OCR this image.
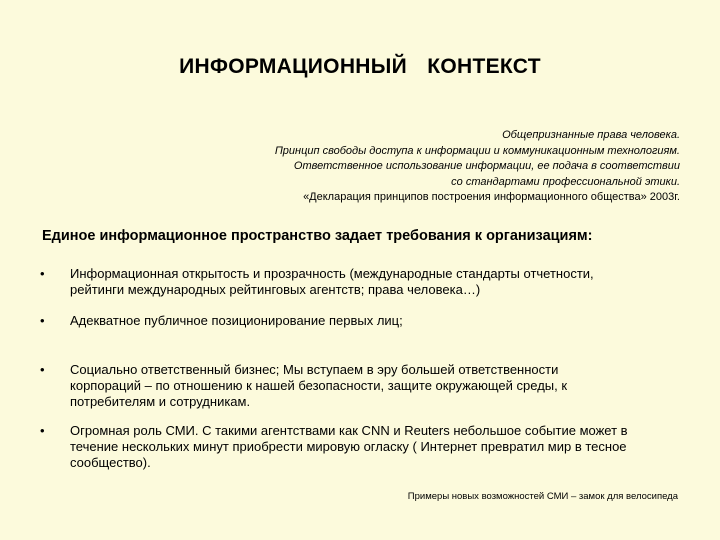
ИНФОРМАЦИОННЫЙ  КОНТЕКСТ
Общепризнанные права человека.
Принцип свободы доступа к информации и коммуникационным технологиям.
Ответственное использование информации, ее подача в соответствии
со стандартами профессиональной этики.
«Декларация принципов построения информационного общества» 2003г.
Единое информационное пространство задает требования к организациям:
• Информационная открытость и прозрачность (международные стандарты отчетности,
рейтинги международных рейтинговых агентств; права человека…)
• Адекватное публичное позиционирование первых лиц;
• Социально ответственный бизнес; Мы вступаем в эру большей ответственности
корпораций – по отношению к нашей безопасности, защите окружающей среды, к
потребителям и сотрудникам.
• Огромная роль СМИ. С такими агентствами как CNN и Reuters небольшое событие может в
течение нескольких минут приобрести мировую огласку ( Интернет превратил мир в тесное
сообщество).
Примеры новых возможностей СМИ – замок для велосипеда
